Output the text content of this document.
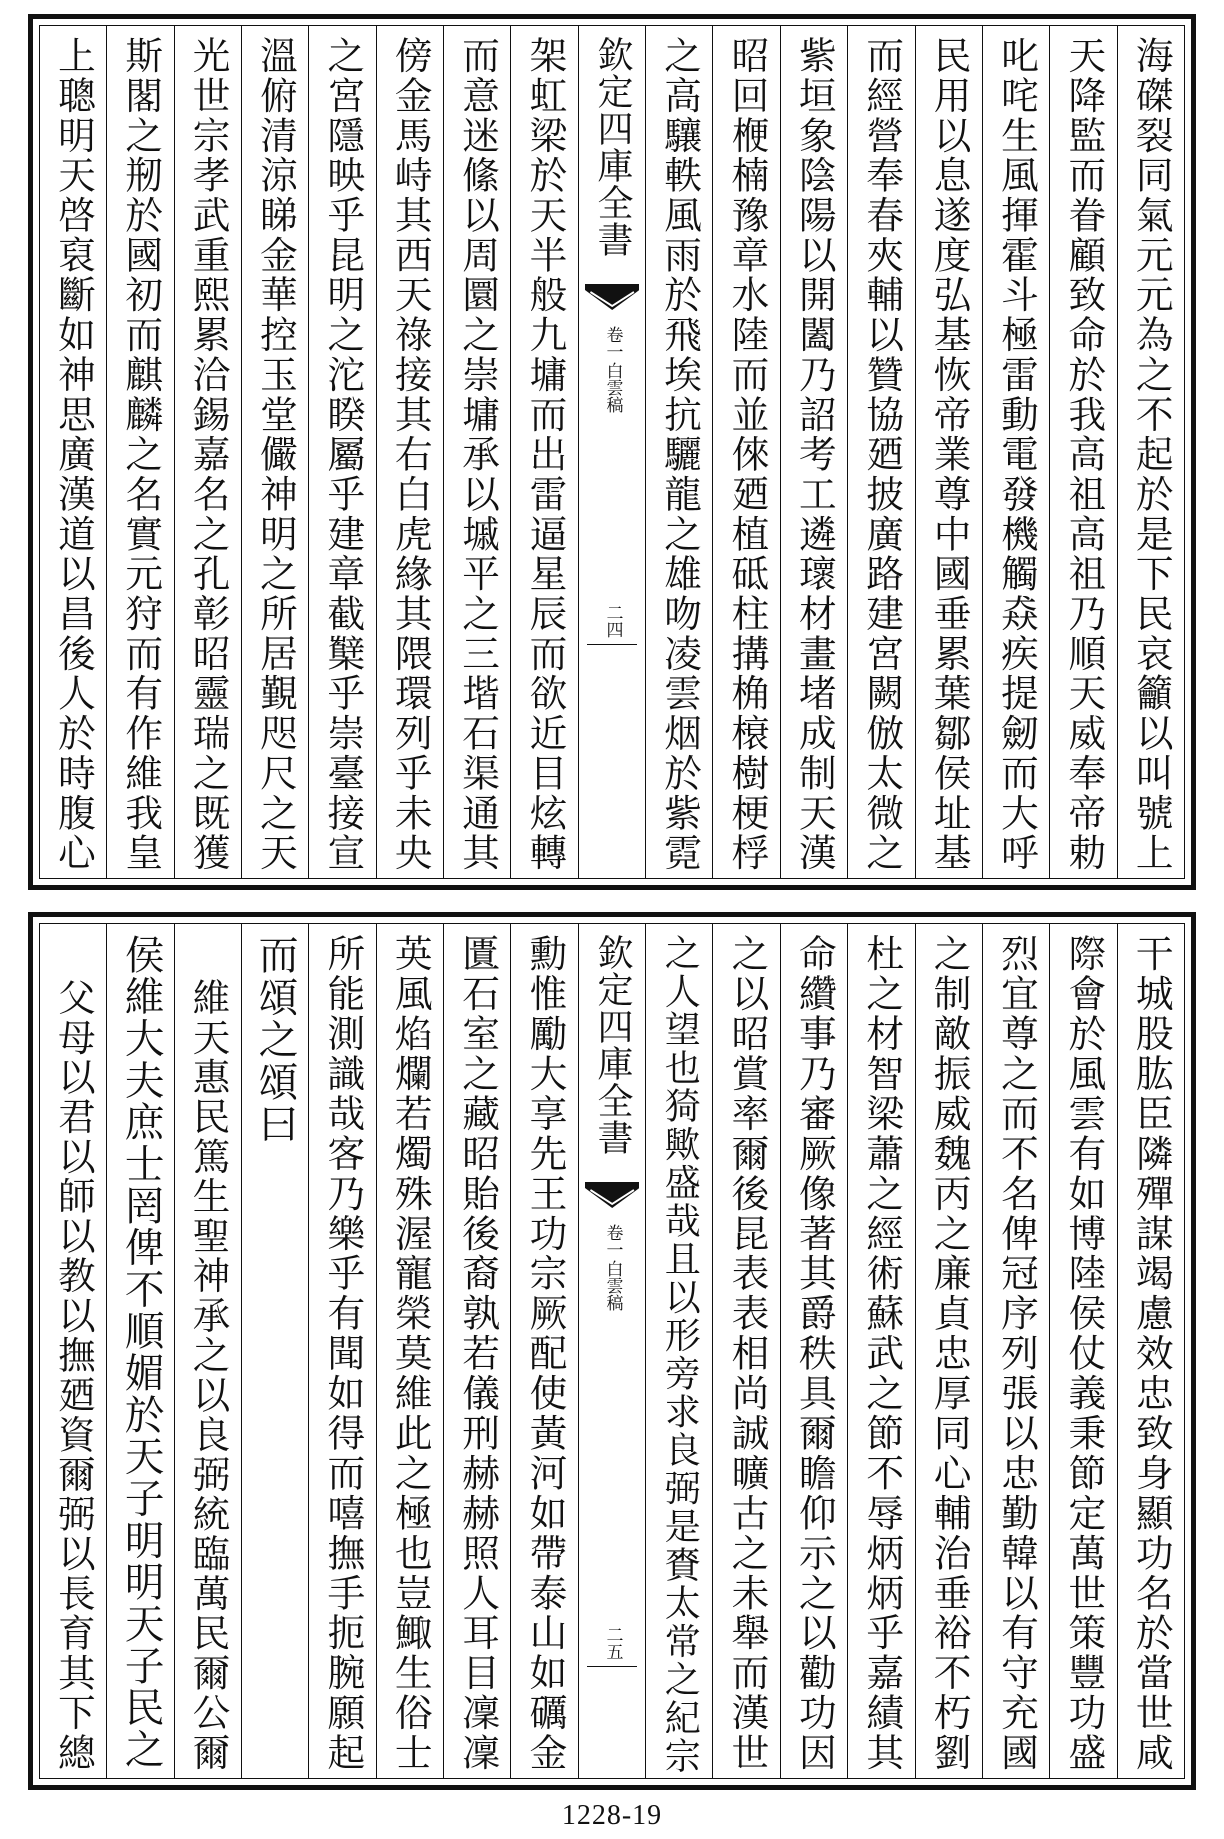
海磔裂同氣元元為之不起於是下民哀籲以叫號上
天降監而眷顧致命於我高祖高祖乃順天威奉帝勅
叱咤生風揮霍斗極雷動電發機觸猋疾提劒而大呼
民用以息遂度弘基恢帝業尊中國垂累葉鄒侯址基
而經營奉春夾輔以贊協廼披廣路建宮闕倣太微之
紫垣象陰陽以開闔乃詔考工遴瓌材畫堵成制天漢
昭回楩楠豫章水陸而並倈廼植砥柱搆桷榱樹梗桴
之高驤軼風雨於飛埃抗驪龍之雄吻凌雲烟於紫霓
欽定四庫全書
卷一
白雲稿
二四
架虹梁於天半般九墉而出雷逼星辰而欲近目炫轉
而意迷絛以周圜之崇墉承以墄平之三堦石渠通其
傍金馬峙其西天祿接其右白虎緣其隈環列乎未央
之宮隱映乎昆明之沱睽屬乎建章截櫱乎崇臺接宣
溫俯清涼睇金華控玉堂儼神明之所居覲咫尺之天
光世宗孝武重熙累洽錫嘉名之孔彰昭靈瑞之既獲
斯閣之剏於國初而麒麟之名實元狩而有作維我皇
上聰明天啓裒斷如神思廣漢道以昌後人於時腹心
干城股肱臣隣殫謀竭慮效忠致身顯功名於當世咸
際會於風雲有如博陸侯仗義秉節定萬世策豐功盛
烈宜尊之而不名俾冠序列張以忠勤韓以有守充國
之制敵振威魏丙之廉貞忠厚同心輔治垂裕不朽劉
杜之材智梁蕭之經術蘇武之節不辱炳炳乎嘉績其
命纘事乃審厥像著其爵秩具爾瞻仰示之以勸功因
之以昭賞率爾後昆表表相尚誠曠古之未舉而漢世
之人望也猗歟盛哉且以形旁求良弼是賚太常之紀宗
欽定四庫全書
卷一
白雲稿
二五
勳惟勵大享先王功宗厥配使黃河如帶泰山如礪金
匱石室之藏昭貽後裔孰若儀刑赫赫照人耳目凜凜
英風焰爛若燭殊渥寵榮莫維此之極也豈鯫生俗士
所能測識哉客乃樂乎有聞如得而嘻撫手扼腕願起
而頌之頌曰
維天惠民篤生聖神承之以良弼統臨萬民爾公爾
侯維大夫庶士罔俾不順媚於天子明明天子民之
父母以君以師以教以撫廼資爾弼以長育其下總
1228-19
